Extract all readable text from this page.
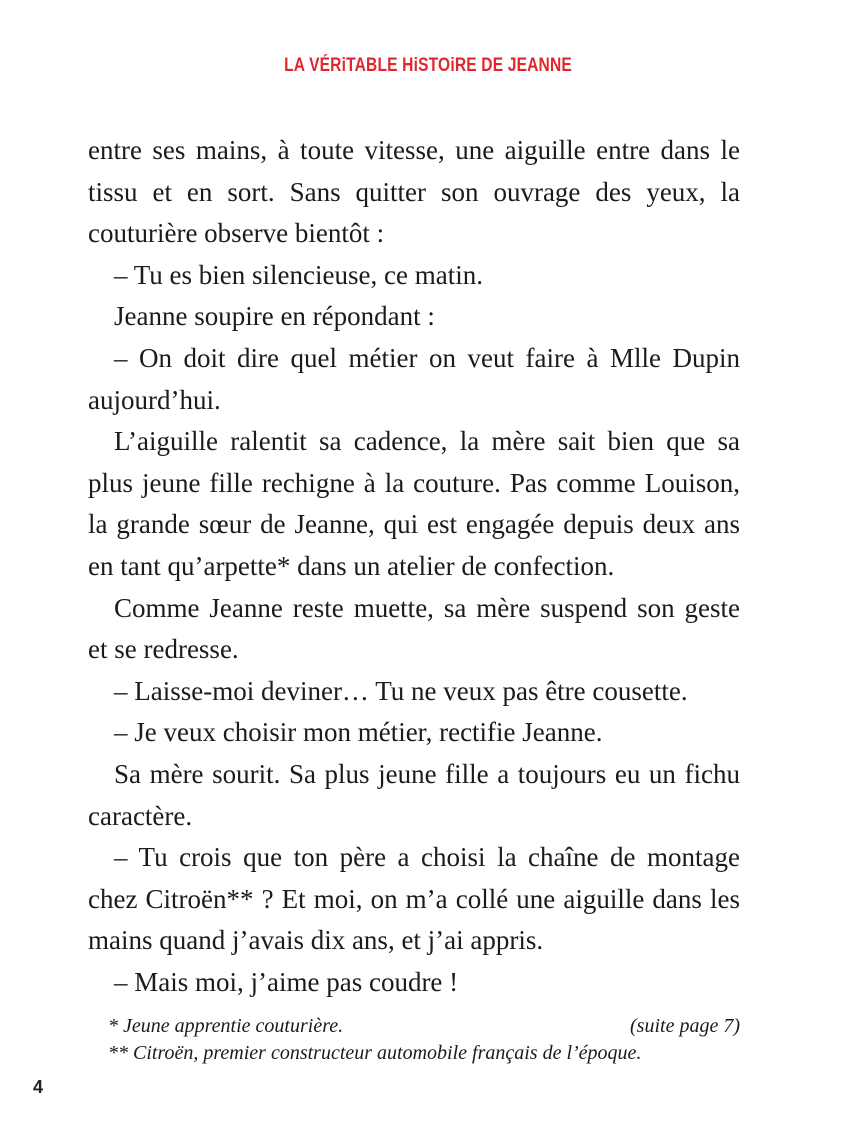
LA VÉRiTABLE HiSTOiRE DE JEANNE

entre ses mains, à toute vitesse, une aiguille entre dans le tissu et en sort. Sans quitter son ouvrage des yeux, la couturière observe bientôt :

– Tu es bien silencieuse, ce matin.

Jeanne soupire en répondant :

– On doit dire quel métier on veut faire à Mlle Dupin aujourd’hui.

L’aiguille ralentit sa cadence, la mère sait bien que sa plus jeune fille rechigne à la couture. Pas comme Louison, la grande sœur de Jeanne, qui est engagée depuis deux ans en tant qu’arpette* dans un atelier de confection.

Comme Jeanne reste muette, sa mère suspend son geste et se redresse.

– Laisse-moi deviner… Tu ne veux pas être cousette.

– Je veux choisir mon métier, rectifie Jeanne.

Sa mère sourit. Sa plus jeune fille a toujours eu un fichu caractère.

– Tu crois que ton père a choisi la chaîne de montage chez Citroën** ? Et moi, on m’a collé une aiguille dans les mains quand j’avais dix ans, et j’ai appris.

– Mais moi, j’aime pas coudre !

* Jeune apprentie couturière.	(suite page 7)
** Citroën, premier constructeur automobile français de l’époque.
4
